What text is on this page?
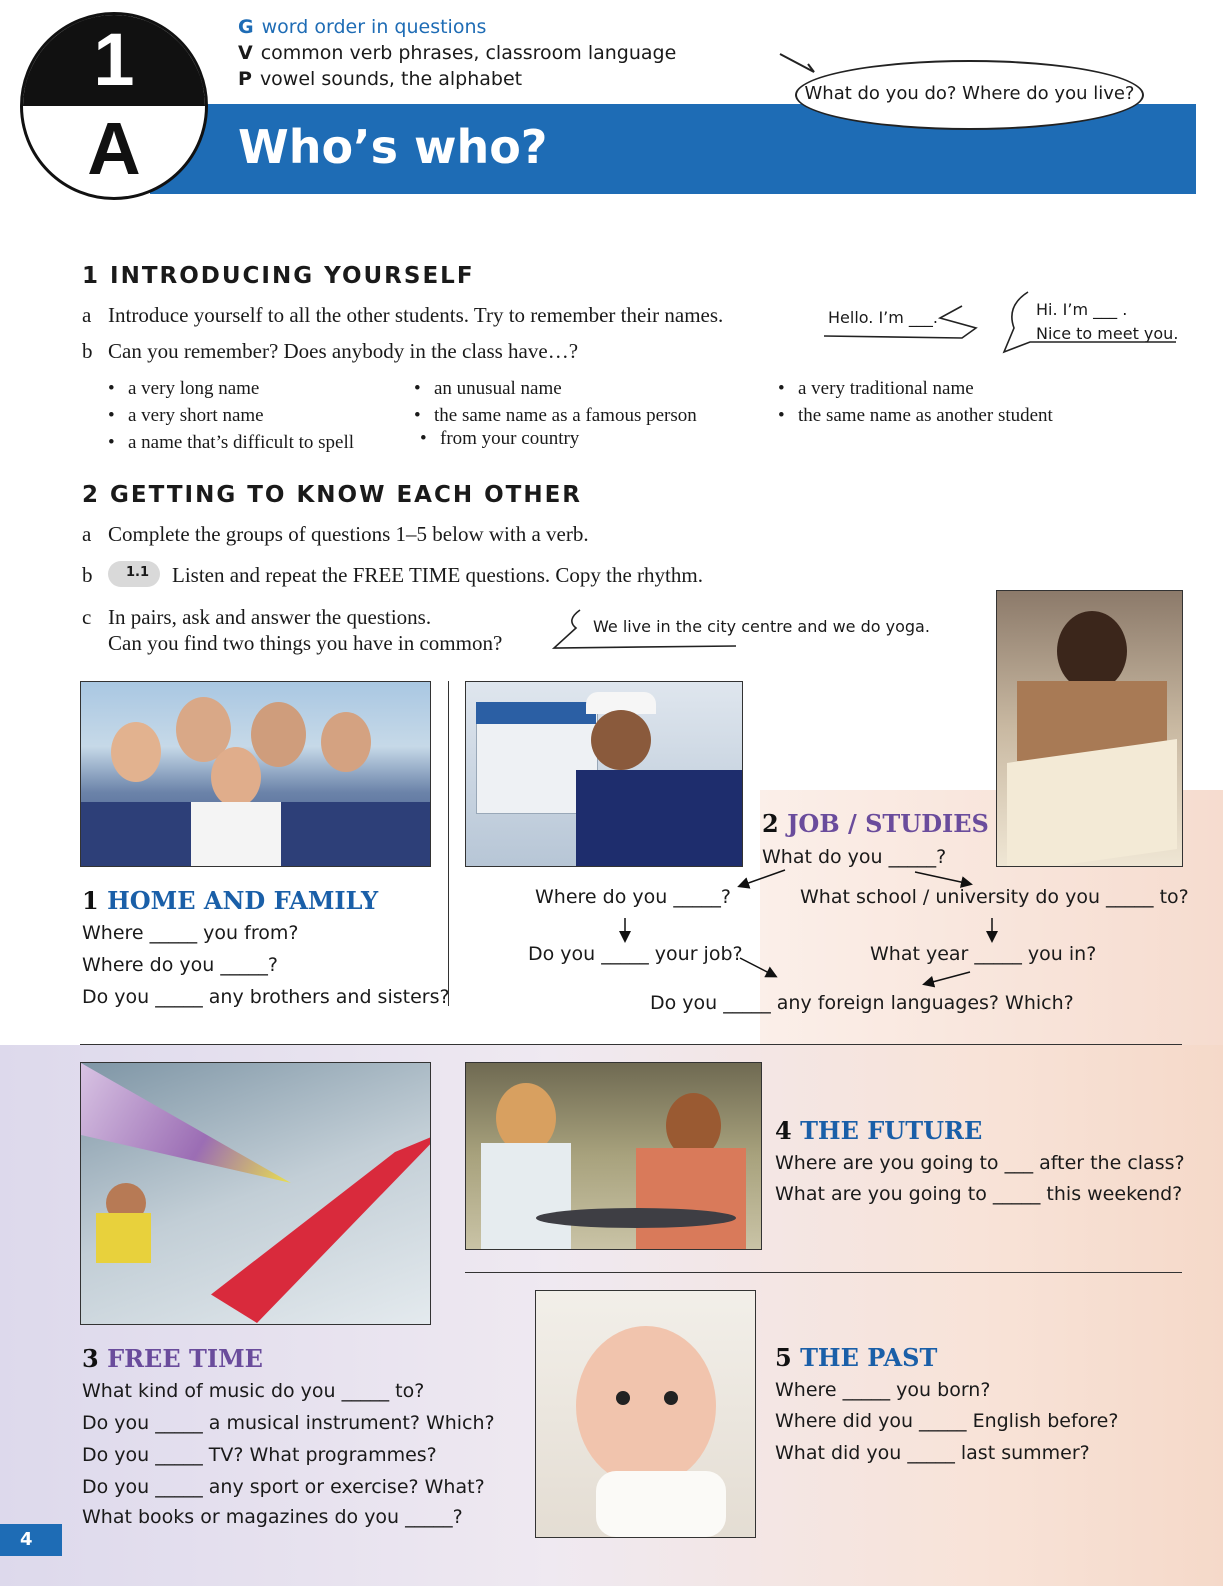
1
A	Who’s who?
G word order in questions
V common verb phrases, classroom language
P vowel sounds, the alphabet
What do you do? Where do you live?
1 INTRODUCING YOURSELF
a Introduce yourself to all the other students. Try to remember their names.
b Can you remember? Does anybody in the class have…?
Hello. I’m ___.	Hi. I’m ___ .
Nice to meet you.
• a very long name
• a very short name
• a name that’s difficult to spell
• an unusual name
• the same name as a famous person
• from your country
• a very traditional name
• the same name as another student
2 GETTING TO KNOW EACH OTHER
a Complete the groups of questions 1–5 below with a verb.
b	1.1 Listen and repeat the FREE TIME questions. Copy the rhythm.
c In pairs, ask and answer the questions.
Can you find two things you have in common?
We live in the city centre and we do yoga.
1 HOME AND FAMILY
Where _____ you from?
Where do you _____?
Do you _____ any brothers and sisters?
2 JOB / STUDIES
What do you _____?
Where do you _____?	What school / university do you _____ to?
Do you _____ your job?	What year _____ you in?
Do you _____ any foreign languages? Which?
3 FREE TIME
What kind of music do you _____ to?
Do you _____ a musical instrument? Which?
Do you _____ TV? What programmes?
Do you _____ any sport or exercise? What?
What books or magazines do you _____?
4 THE FUTURE
Where are you going to ___ after the class?
What are you going to _____ this weekend?
5 THE PAST
Where _____ you born?
Where did you _____ English before?
What did you _____ last summer?
4
